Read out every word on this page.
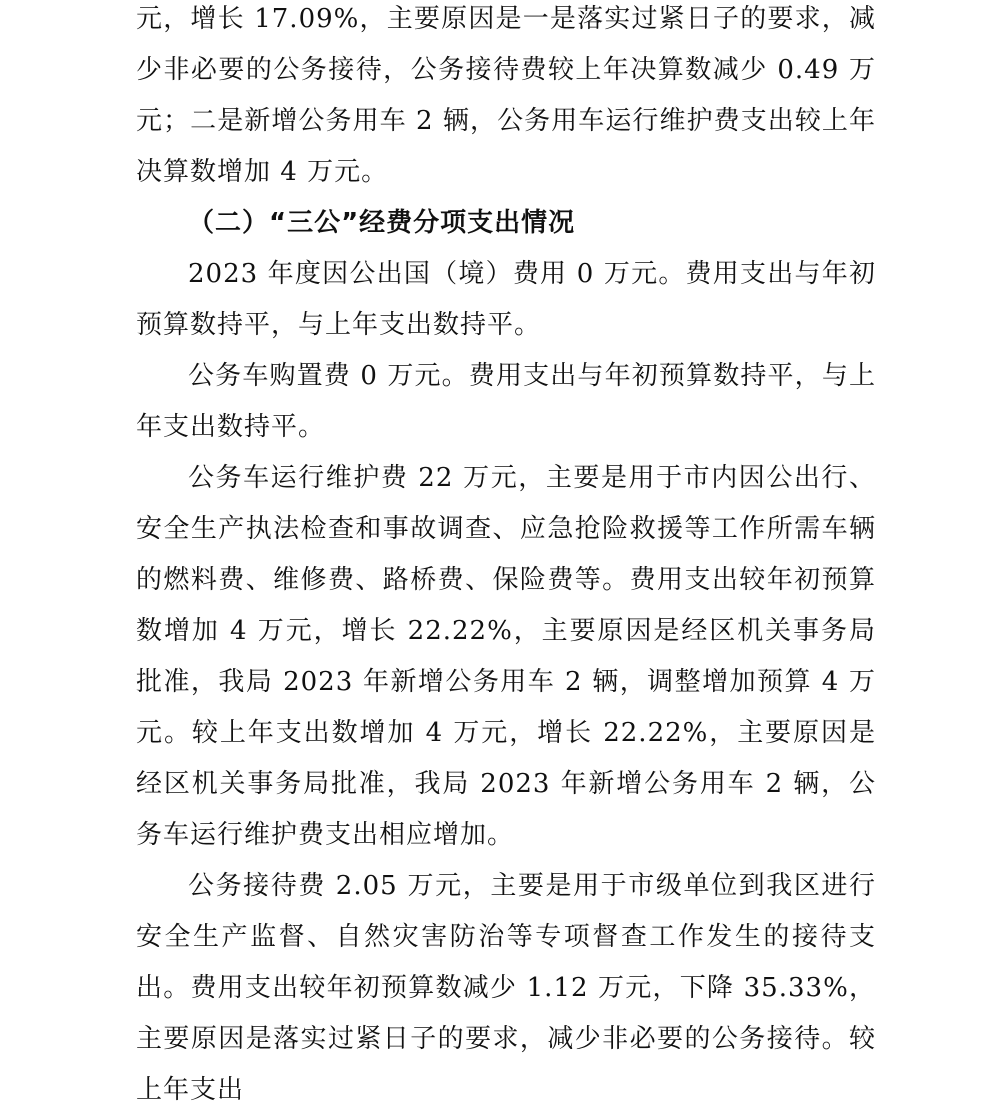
元，增长 17.09%，主要原因是一是落实过紧日子的要求，减少非必要的公务接待，公务接待费较上年决算数减少 0.49 万元；二是新增公务用车 2 辆，公务用车运行维护费支出较上年决算数增加 4 万元。

（二）“三公”经费分项支出情况

2023 年度因公出国（境）费用 0 万元。费用支出与年初预算数持平，与上年支出数持平。

公务车购置费 0 万元。费用支出与年初预算数持平，与上年支出数持平。

公务车运行维护费 22 万元，主要是用于市内因公出行、安全生产执法检查和事故调查、应急抢险救援等工作所需车辆的燃料费、维修费、路桥费、保险费等。费用支出较年初预算数增加 4 万元，增长 22.22%，主要原因是经区机关事务局批准，我局 2023 年新增公务用车 2 辆，调整增加预算 4 万元。较上年支出数增加 4 万元，增长 22.22%，主要原因是经区机关事务局批准，我局 2023 年新增公务用车 2 辆，公务车运行维护费支出相应增加。

公务接待费 2.05 万元，主要是用于市级单位到我区进行安全生产监督、自然灾害防治等专项督查工作发生的接待支出。费用支出较年初预算数减少 1.12 万元，下降 35.33%，主要原因是落实过紧日子的要求，减少非必要的公务接待。较上年支出
